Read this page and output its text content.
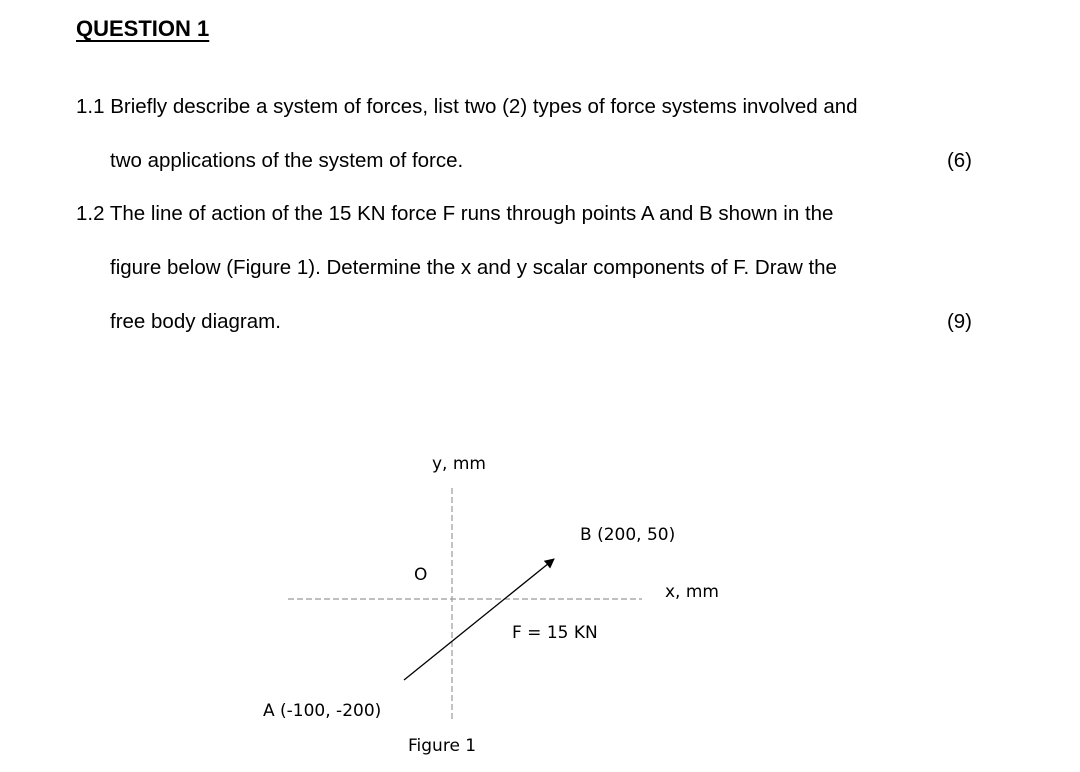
QUESTION 1

1.1 Briefly describe a system of forces, list two (2) types of force systems involved and

two applications of the system of force.	(6)

1.2 The line of action of the 15 KN force F runs through points A and B shown in the

figure below (Figure 1). Determine the x and y scalar components of F. Draw the

free body diagram.	(9)
y, mm
x, mm
O
B (200, 50)
F = 15 KN
A (-100, -200)
Figure 1
